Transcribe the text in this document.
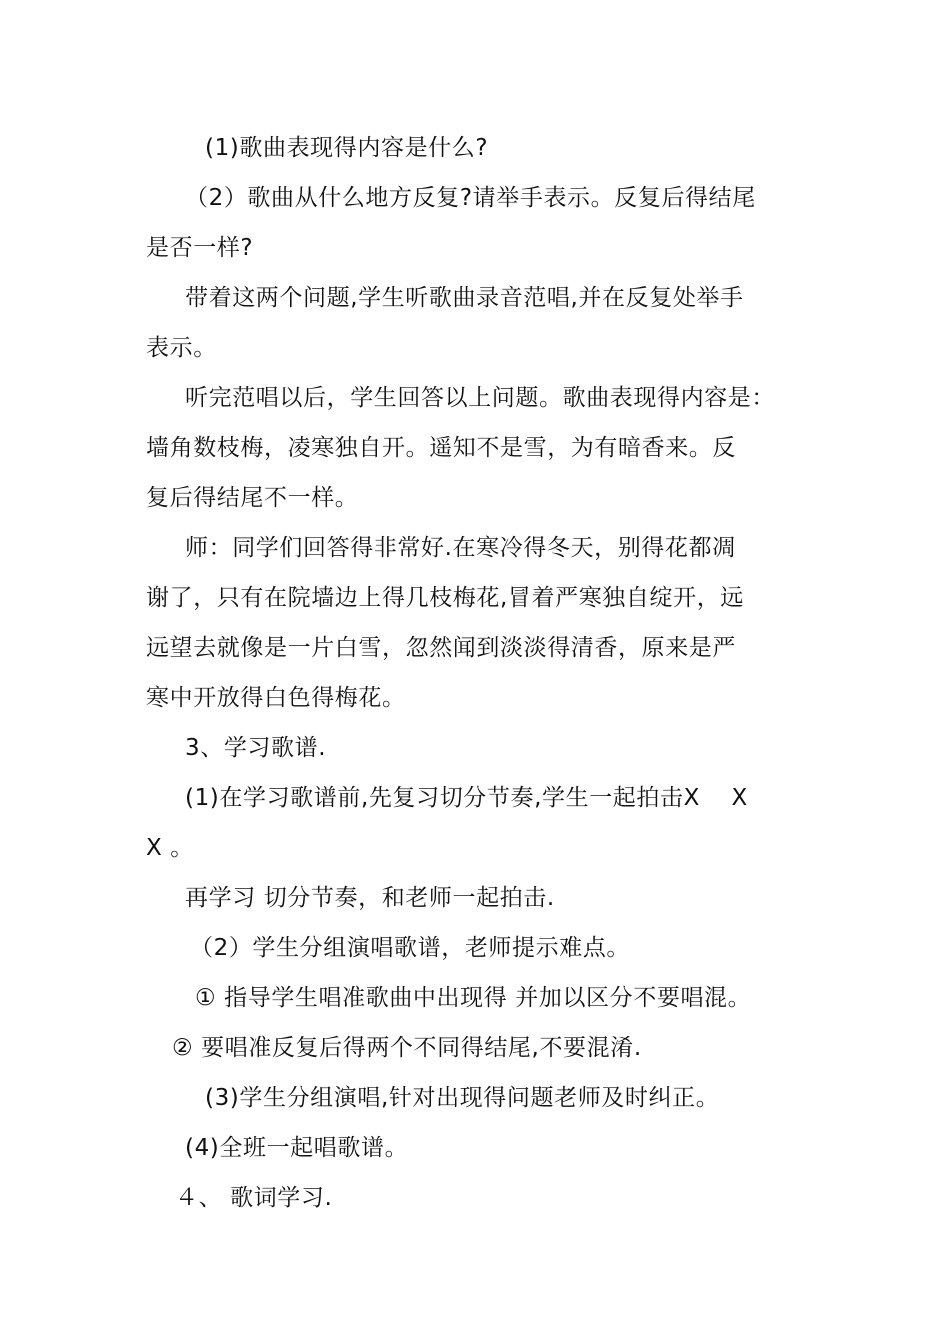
(1)歌曲表现得内容是什么?
（2）歌曲从什么地方反复?请举手表示。反复后得结尾
是否一样?
带着这两个问题,学生听歌曲录音范唱,并在反复处举手
表示。
听完范唱以后，学生回答以上问题。歌曲表现得内容是：
墙角数枝梅，凌寒独自开。遥知不是雪，为有暗香来。反
复后得结尾不一样。
师：同学们回答得非常好.在寒冷得冬天，别得花都凋
谢了，只有在院墙边上得几枝梅花,冒着严寒独自绽开，远
远望去就像是一片白雪，忽然闻到淡淡得清香，原来是严
寒中开放得白色得梅花。
3、学习歌谱.
(1)在学习歌谱前,先复习切分节奏,学生一起拍击X　 X
X 。
再学习 切分节奏，和老师一起拍击.
（2）学生分组演唱歌谱，老师提示难点。
① 指导学生唱准歌曲中出现得 并加以区分不要唱混。
② 要唱准反复后得两个不同得结尾,不要混淆.
(3)学生分组演唱,针对出现得问题老师及时纠正。
(4)全班一起唱歌谱。
４、 歌词学习.
